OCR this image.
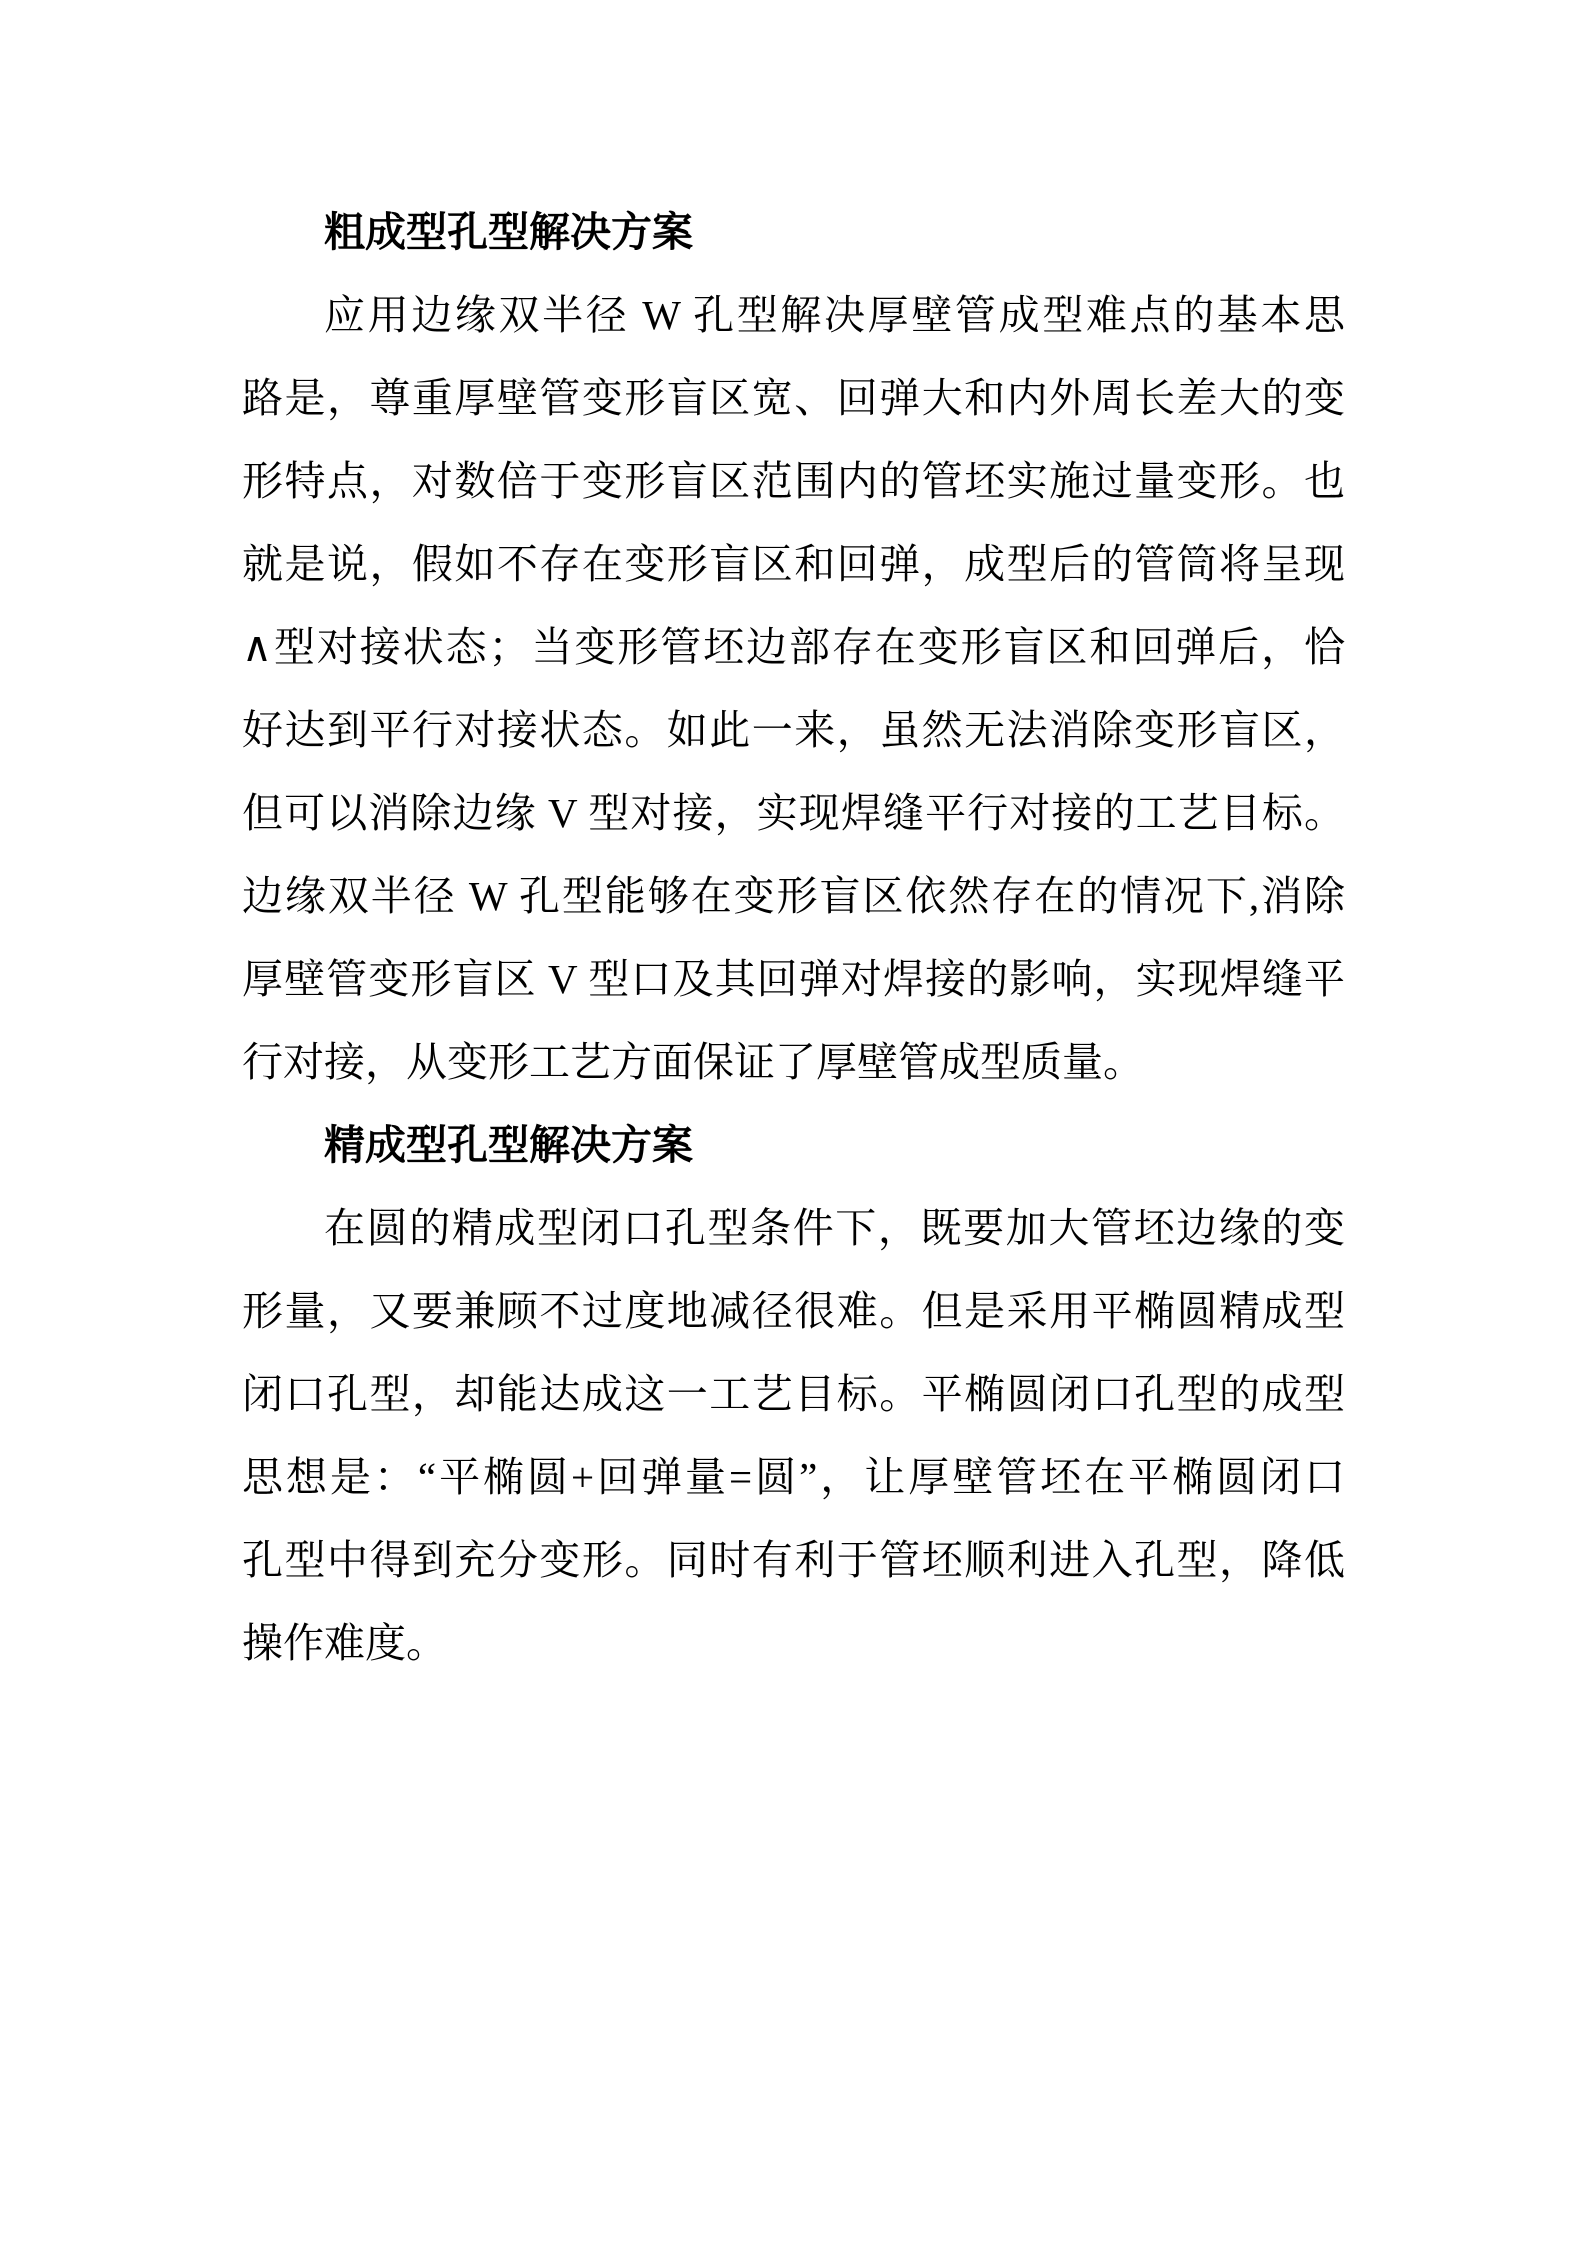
粗成型孔型解决方案
应用边缘双半径 W 孔型解决厚壁管成型难点的基本思
路是，尊重厚壁管变形盲区宽、回弹大和内外周长差大的变
形特点，对数倍于变形盲区范围内的管坯实施过量变形。也
就是说，假如不存在变形盲区和回弹，成型后的管筒将呈现
∧型对接状态；当变形管坯边部存在变形盲区和回弹后，恰
好达到平行对接状态。如此一来，虽然无法消除变形盲区，
但可以消除边缘 V 型对接，实现焊缝平行对接的工艺目标。
边缘双半径 W 孔型能够在变形盲区依然存在的情况下,消除
厚壁管变形盲区 V 型口及其回弹对焊接的影响，实现焊缝平
行对接，从变形工艺方面保证了厚壁管成型质量。
精成型孔型解决方案
在圆的精成型闭口孔型条件下，既要加大管坯边缘的变
形量，又要兼顾不过度地减径很难。但是采用平椭圆精成型
闭口孔型，却能达成这一工艺目标。平椭圆闭口孔型的成型
思想是：“平椭圆+回弹量=圆”，让厚壁管坯在平椭圆闭口
孔型中得到充分变形。同时有利于管坯顺利进入孔型，降低
操作难度。
